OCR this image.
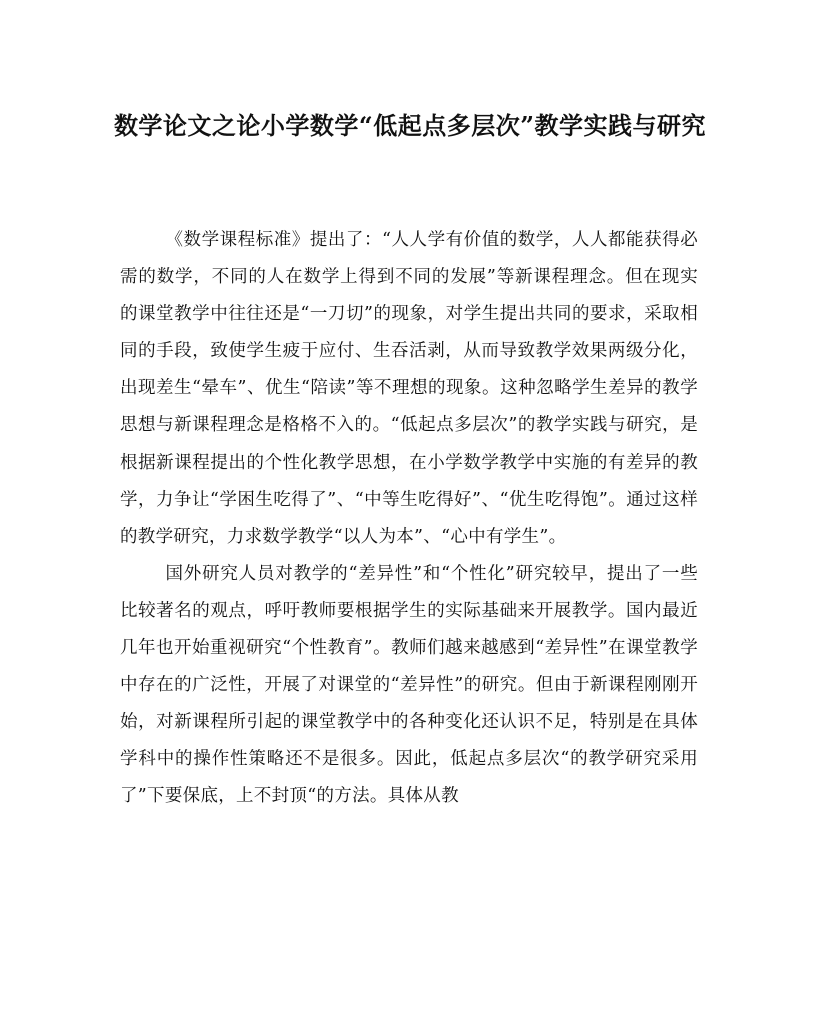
数学论文之论小学数学“低起点多层次”教学实践与研究

《数学课程标准》提出了：“人人学有价值的数学，人人都能获得必需的数学，不同的人在数学上得到不同的发展”等新课程理念。但在现实的课堂教学中往往还是“一刀切”的现象，对学生提出共同的要求，采取相同的手段，致使学生疲于应付、生吞活剥，从而导致教学效果两级分化，出现差生“晕车”、优生“陪读”等不理想的现象。这种忽略学生差异的教学思想与新课程理念是格格不入的。“低起点多层次”的教学实践与研究，是根据新课程提出的个性化教学思想，在小学数学教学中实施的有差异的教学，力争让“学困生吃得了”、“中等生吃得好”、“优生吃得饱”。通过这样的教学研究，力求数学教学“以人为本”、“心中有学生”。

国外研究人员对教学的“差异性”和“个性化”研究较早，提出了一些比较著名的观点，呼吁教师要根据学生的实际基础来开展教学。国内最近几年也开始重视研究“个性教育”。教师们越来越感到“差异性”在课堂教学中存在的广泛性，开展了对课堂的“差异性”的研究。但由于新课程刚刚开始，对新课程所引起的课堂教学中的各种变化还认识不足，特别是在具体学科中的操作性策略还不是很多。因此，低起点多层次“的教学研究采用了”下要保底，上不封顶“的方法。具体从教
